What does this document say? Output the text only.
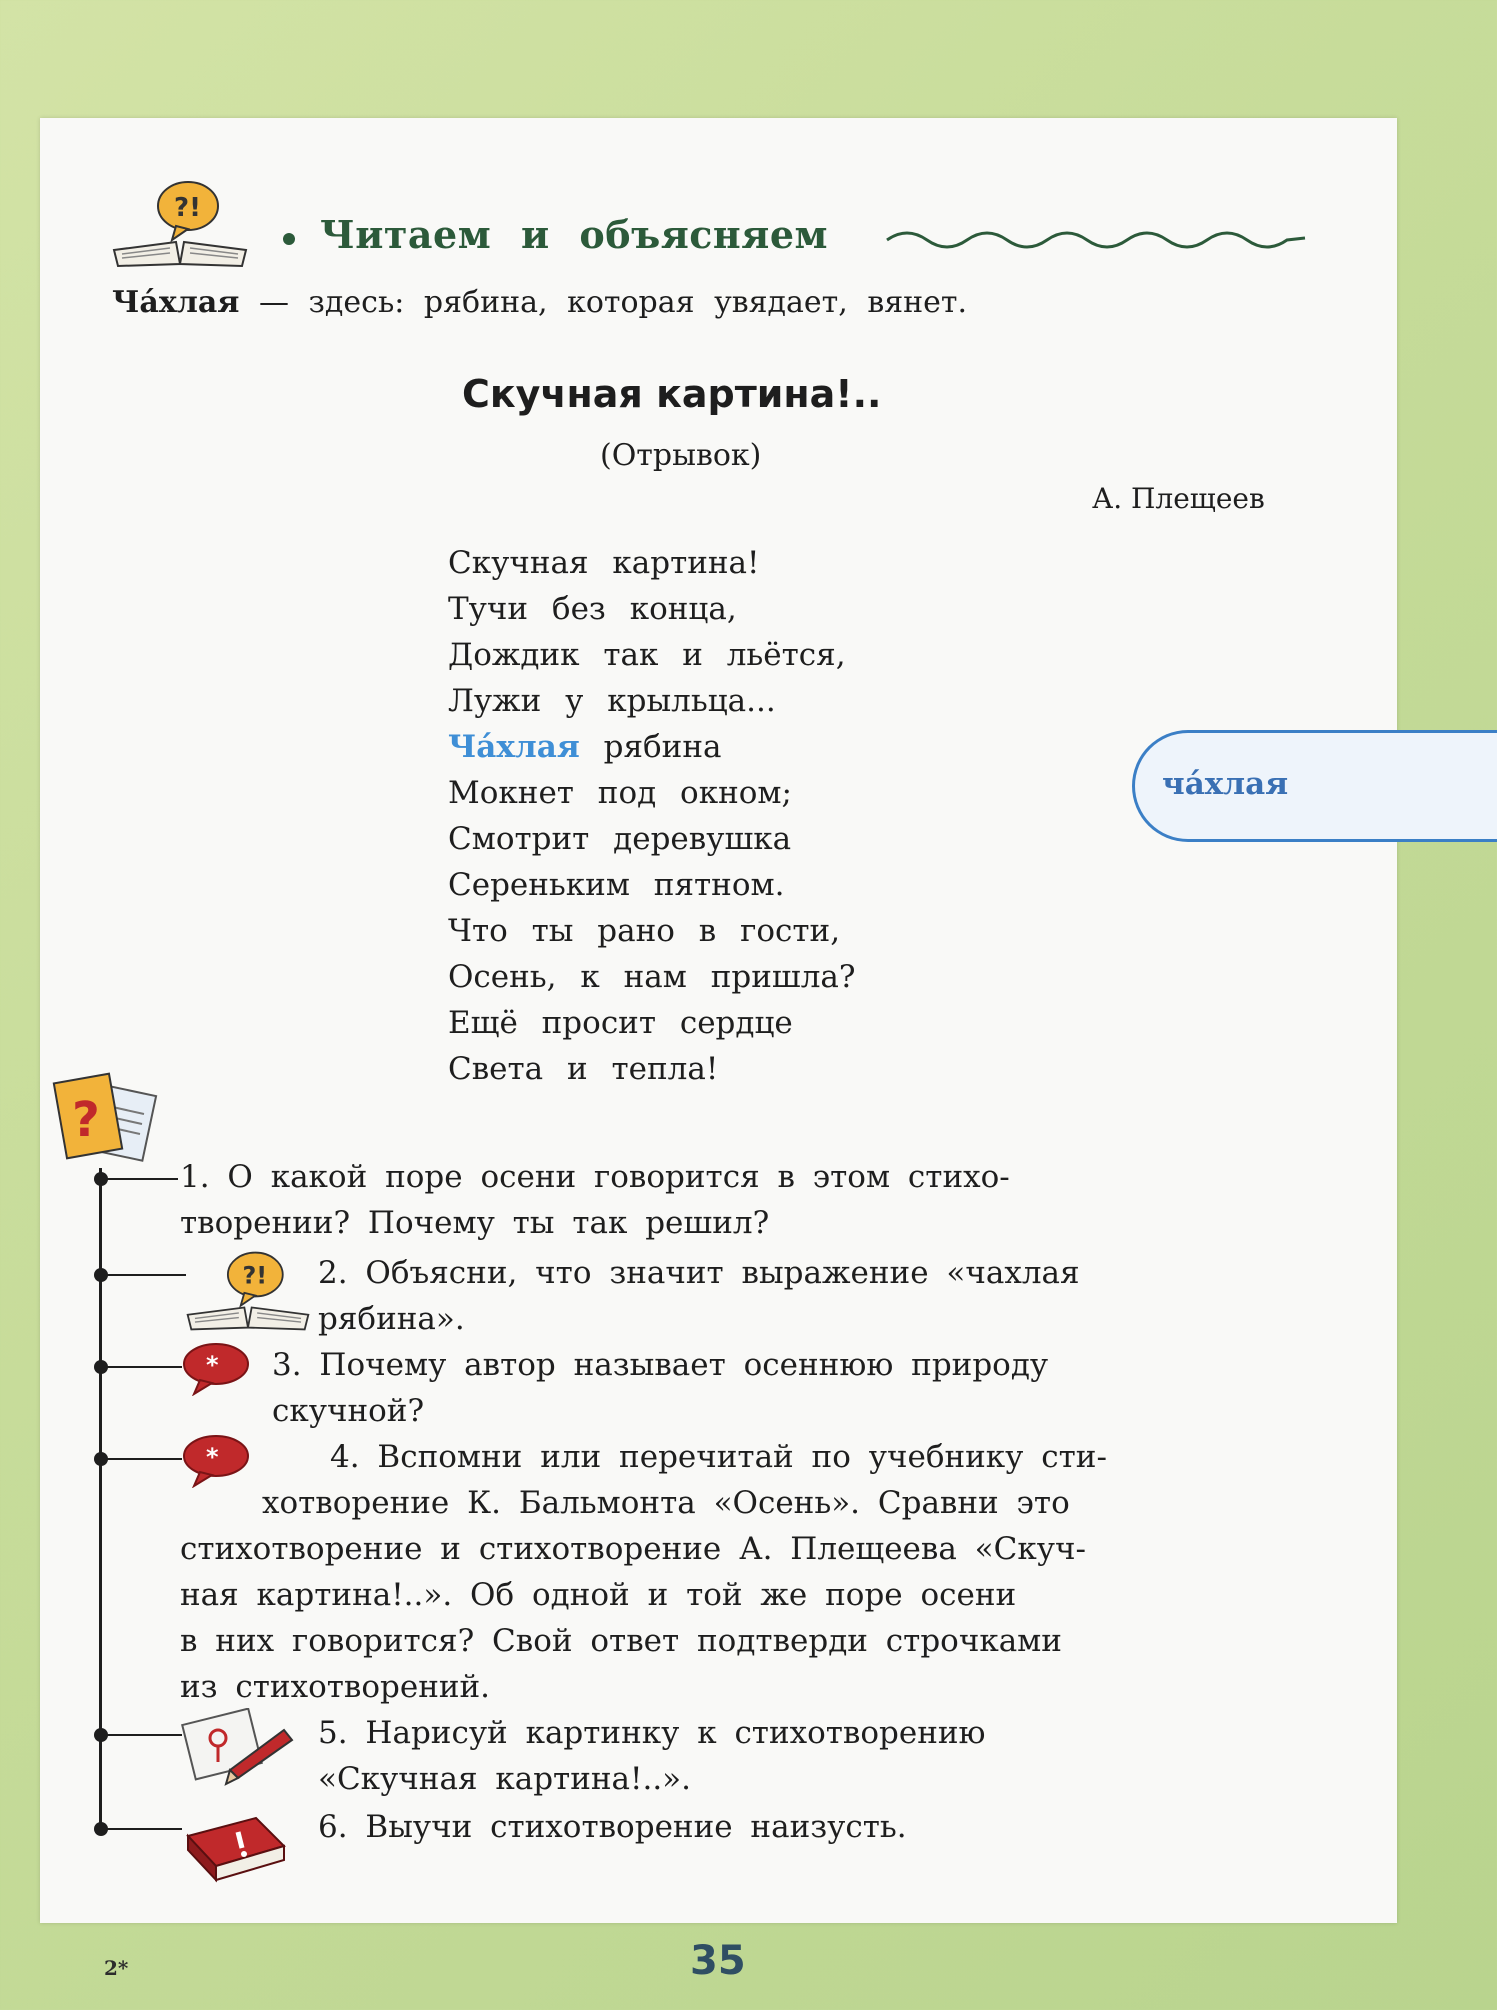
?!
Читаем и объясняем
Ча́хлая — здесь: рябина, которая увядает, вянет.
Скучная картина!..
(Отрывок)
А. Плещеев
Скучная картина!
Тучи без конца,
Дождик так и льётся,
Лужи у крыльца...
Ча́хлая рябина
Мокнет под окном;
Смотрит деревушка
Сереньким пятном.
Что ты рано в гости,
Осень, к нам пришла?
Ещё просит сердце
Света и тепла!
ча́хлая
?
1. О какой поре осени говорится в этом стихо-
творении? Почему ты так решил?
?! 2. Объясни, что значит выражение «чахлая
рябина».
* 3. Почему автор называет осеннюю природу
скучной?
*	4. Вспомни или перечитай по учебнику сти-
хотворение К. Бальмонта «Осень». Сравни это
стихотворение и стихотворение А. Плещеева «Скуч-
ная картина!..». Об одной и той же поре осени
в них говорится? Свой ответ подтверди строчками
из стихотворений.
5. Нарисуй картинку к стихотворению
«Скучная картина!..».
6. Выучи стихотворение наизусть.
2*	35
